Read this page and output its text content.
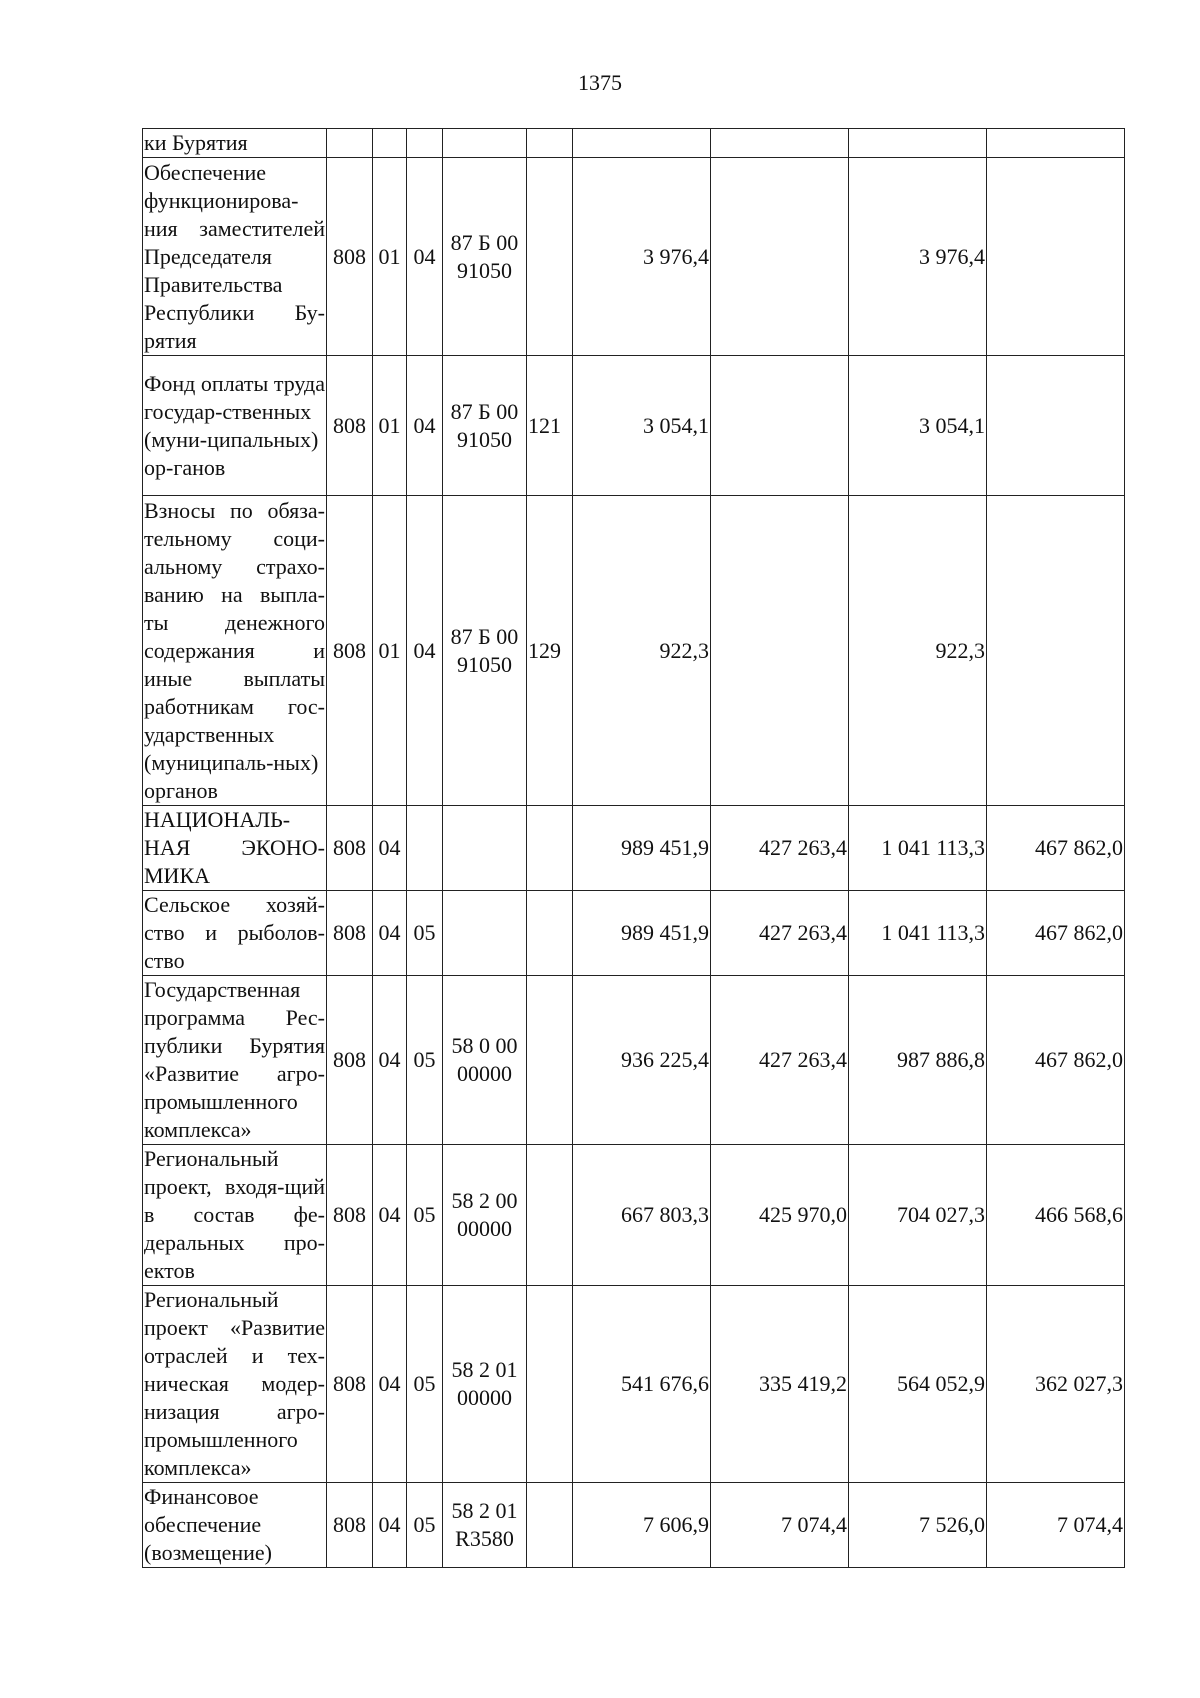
1375
ки Бурятия									
Обеспечение функционирова-ния заместителей Председателя Правительства Республики Бу-рятия	808	01	04	87 Б 00 91050		3 976,4		3 976,4	
Фонд оплаты труда государ-ственных (муни-ципальных) ор-ганов	808	01	04	87 Б 00 91050	121	3 054,1		3 054,1	
Взносы по обяза-тельному соци-альному страхо-ванию на выпла-ты денежного содержания и иные выплаты работникам гос-ударственных (муниципаль-ных) органов	808	01	04	87 Б 00 91050	129	922,3		922,3	
НАЦИОНАЛЬ-НАЯ ЭКОНО-МИКА	808	04				989 451,9	427 263,4	1 041 113,3	467 862,0
Сельское хозяй-ство и рыболов-ство	808	04	05			989 451,9	427 263,4	1 041 113,3	467 862,0
Государственная программа Рес-публики Бурятия «Развитие агро-промышленного комплекса»	808	04	05	58 0 00 00000		936 225,4	427 263,4	987 886,8	467 862,0
Региональный проект, входя-щий в состав фе-деральных про-ектов	808	04	05	58 2 00 00000		667 803,3	425 970,0	704 027,3	466 568,6
Региональный проект «Развитие отраслей и тех-ническая модер-низация агро-промышленного комплекса»	808	04	05	58 2 01 00000		541 676,6	335 419,2	564 052,9	362 027,3
Финансовое обеспечение (возмещение)	808	04	05	58 2 01 R3580		7 606,9	7 074,4	7 526,0	7 074,4
